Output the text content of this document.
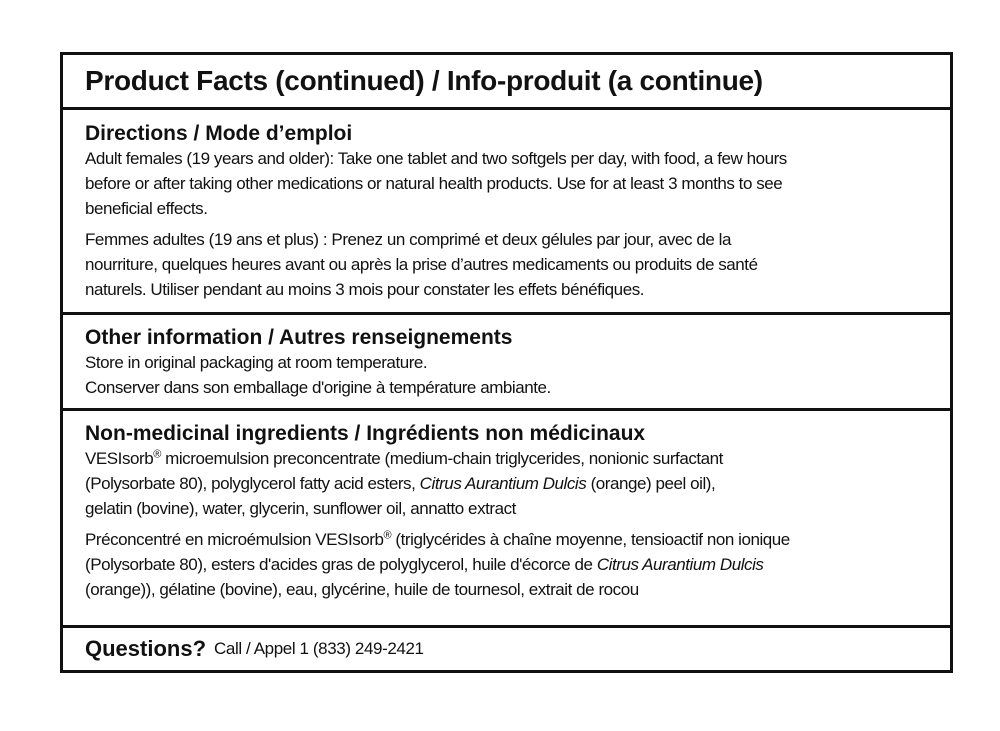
Product Facts (continued) / Info-produit (a continue)
Directions / Mode d’emploi
Adult females (19 years and older): Take one tablet and two softgels per day, with food, a few hours
before or after taking other medications or natural health products. Use for at least 3 months to see
beneficial effects.
Femmes adultes (19 ans et plus) : Prenez un comprimé et deux gélules par jour, avec de la
nourriture, quelques heures avant ou après la prise d’autres medicaments ou produits de santé
naturels. Utiliser pendant au moins 3 mois pour constater les effets bénéfiques.
Other information / Autres renseignements
Store in original packaging at room temperature.
Conserver dans son emballage d'origine à température ambiante.
Non-medicinal ingredients / Ingrédients non médicinaux
VESIsorb® microemulsion preconcentrate (medium-chain triglycerides, nonionic surfactant
(Polysorbate 80), polyglycerol fatty acid esters, Citrus Aurantium Dulcis (orange) peel oil),
gelatin (bovine), water, glycerin, sunflower oil, annatto extract
Préconcentré en microémulsion VESIsorb® (triglycérides à chaîne moyenne, tensioactif non ionique
(Polysorbate 80), esters d'acides gras de polyglycerol, huile d'écorce de Citrus Aurantium Dulcis
(orange)), gélatine (bovine), eau, glycérine, huile de tournesol, extrait de rocou
Questions? Call / Appel 1 (833) 249-2421
